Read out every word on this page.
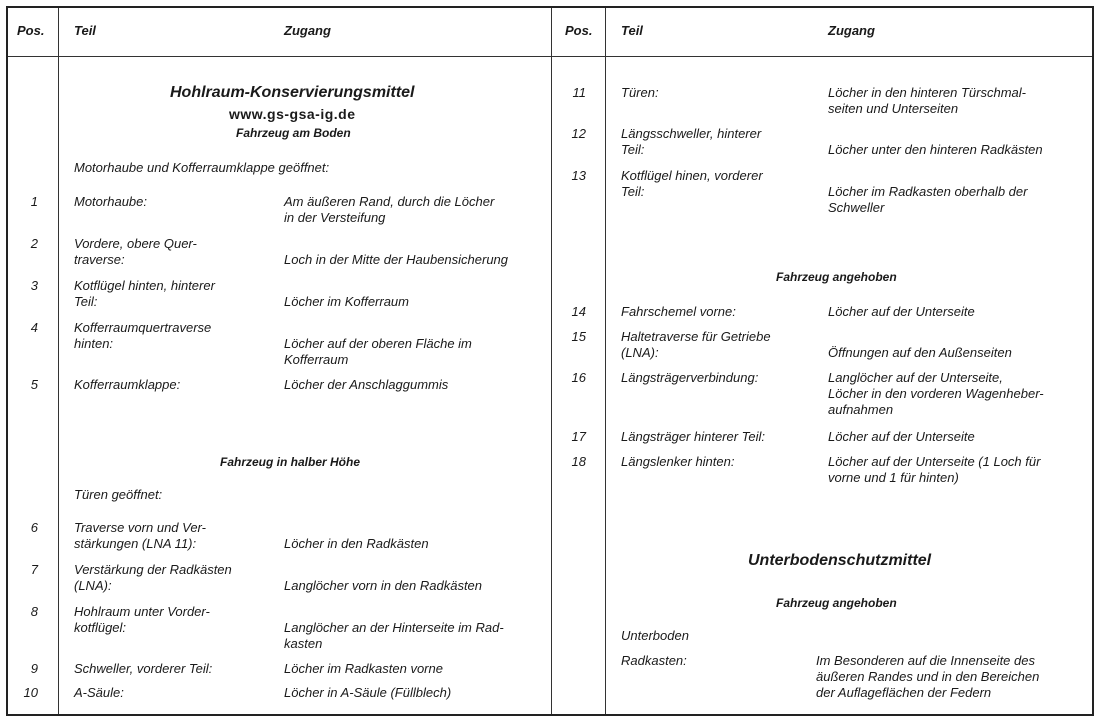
Pos. Teil	Zugang	Pos. Teil	Zugang
Hohlraum-Konservierungsmittel
www.gs-gsa-ig.de
Fahrzeug am Boden
Motorhaube und Kofferraumklappe geöffnet:
1	Motorhaube:	Am äußeren Rand, durch die Löcher
in der Versteifung
2	Vordere, obere Quer-
traverse:	Loch in der Mitte der Haubensicherung
3	Kotflügel hinten, hinterer
Teil:	Löcher im Kofferraum
4	Kofferraumquertraverse
hinten:	Löcher auf der oberen Fläche im
Kofferraum
5	Kofferraumklappe:	Löcher der Anschlaggummis
Fahrzeug in halber Höhe
Türen geöffnet:
6	Traverse vorn und Ver-
stärkungen (LNA 11):	Löcher in den Radkästen
7	Verstärkung der Radkästen
(LNA):	Langlöcher vorn in den Radkästen
8	Hohlraum unter Vorder-
kotflügel:	Langlöcher an der Hinterseite im Rad-
kasten
9	Schweller, vorderer Teil:	Löcher im Radkasten vorne
10	A-Säule:	Löcher in A-Säule (Füllblech)
11	Türen:	Löcher in den hinteren Türschmal-
seiten und Unterseiten
12	Längsschweller, hinterer
Teil:	Löcher unter den hinteren Radkästen
13	Kotflügel hinen, vorderer
Teil:	Löcher im Radkasten oberhalb der
Schweller
Fahrzeug angehoben
14	Fahrschemel vorne:	Löcher auf der Unterseite
15	Haltetraverse für Getriebe
(LNA):	Öffnungen auf den Außenseiten
16	Längsträgerverbindung:	Langlöcher auf der Unterseite,
Löcher in den vorderen Wagenheber-
aufnahmen
17	Längsträger hinterer Teil:	Löcher auf der Unterseite
18	Längslenker hinten:	Löcher auf der Unterseite (1 Loch für
vorne und 1 für hinten)
Unterbodenschutzmittel
Fahrzeug angehoben
Unterboden
Radkasten:	Im Besonderen auf die Innenseite des
äußeren Randes und in den Bereichen
der Auflageflächen der Federn
